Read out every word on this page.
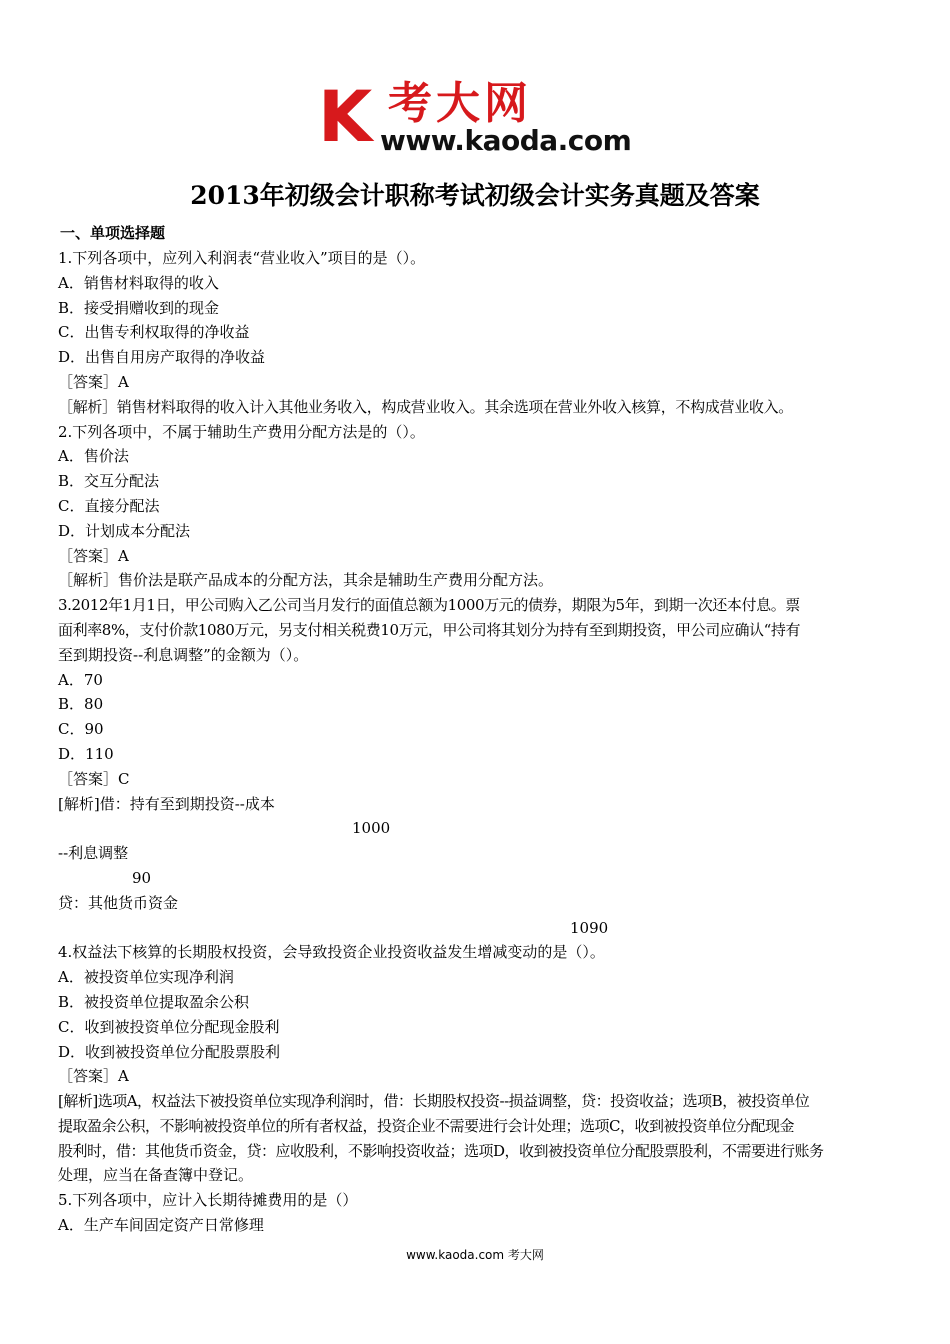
K 考大网
www.kaoda.com
2013年初级会计职称考试初级会计实务真题及答案
一、单项选择题
1.下列各项中，应列入利润表“营业收入”项目的是（）。
A．销售材料取得的收入
B．接受捐赠收到的现金
C．出售专利权取得的净收益
D．出售自用房产取得的净收益
［答案］A
［解析］销售材料取得的收入计入其他业务收入，构成营业收入。其余选项在营业外收入核算，不构成营业收入。
2.下列各项中，不属于辅助生产费用分配方法是的（）。
A．售价法
B．交互分配法
C．直接分配法
D．计划成本分配法
［答案］A
［解析］售价法是联产品成本的分配方法，其余是辅助生产费用分配方法。
3.2012年1月1日，甲公司购入乙公司当月发行的面值总额为1000万元的债券，期限为5年，到期一次还本付息。票
面利率8%，支付价款1080万元，另支付相关税费10万元，甲公司将其划分为持有至到期投资，甲公司应确认“持有
至到期投资--利息调整”的金额为（）。
A．70
B．80
C．90
D．110
［答案］C
[解析]借：持有至到期投资--成本
1000
--利息调整
90
贷：其他货币资金
1090
4.权益法下核算的长期股权投资，会导致投资企业投资收益发生增减变动的是（）。
A．被投资单位实现净利润
B．被投资单位提取盈余公积
C．收到被投资单位分配现金股利
D．收到被投资单位分配股票股利
［答案］A
[解析]选项A，权益法下被投资单位实现净利润时，借：长期股权投资--损益调整，贷：投资收益；选项B，被投资单位
提取盈余公积，不影响被投资单位的所有者权益，投资企业不需要进行会计处理；选项C，收到被投资单位分配现金
股利时，借：其他货币资金，贷：应收股利，不影响投资收益；选项D，收到被投资单位分配股票股利，不需要进行账务
处理，应当在备查簿中登记。
5.下列各项中，应计入长期待摊费用的是（）
A．生产车间固定资产日常修理
www.kaoda.com 考大网
